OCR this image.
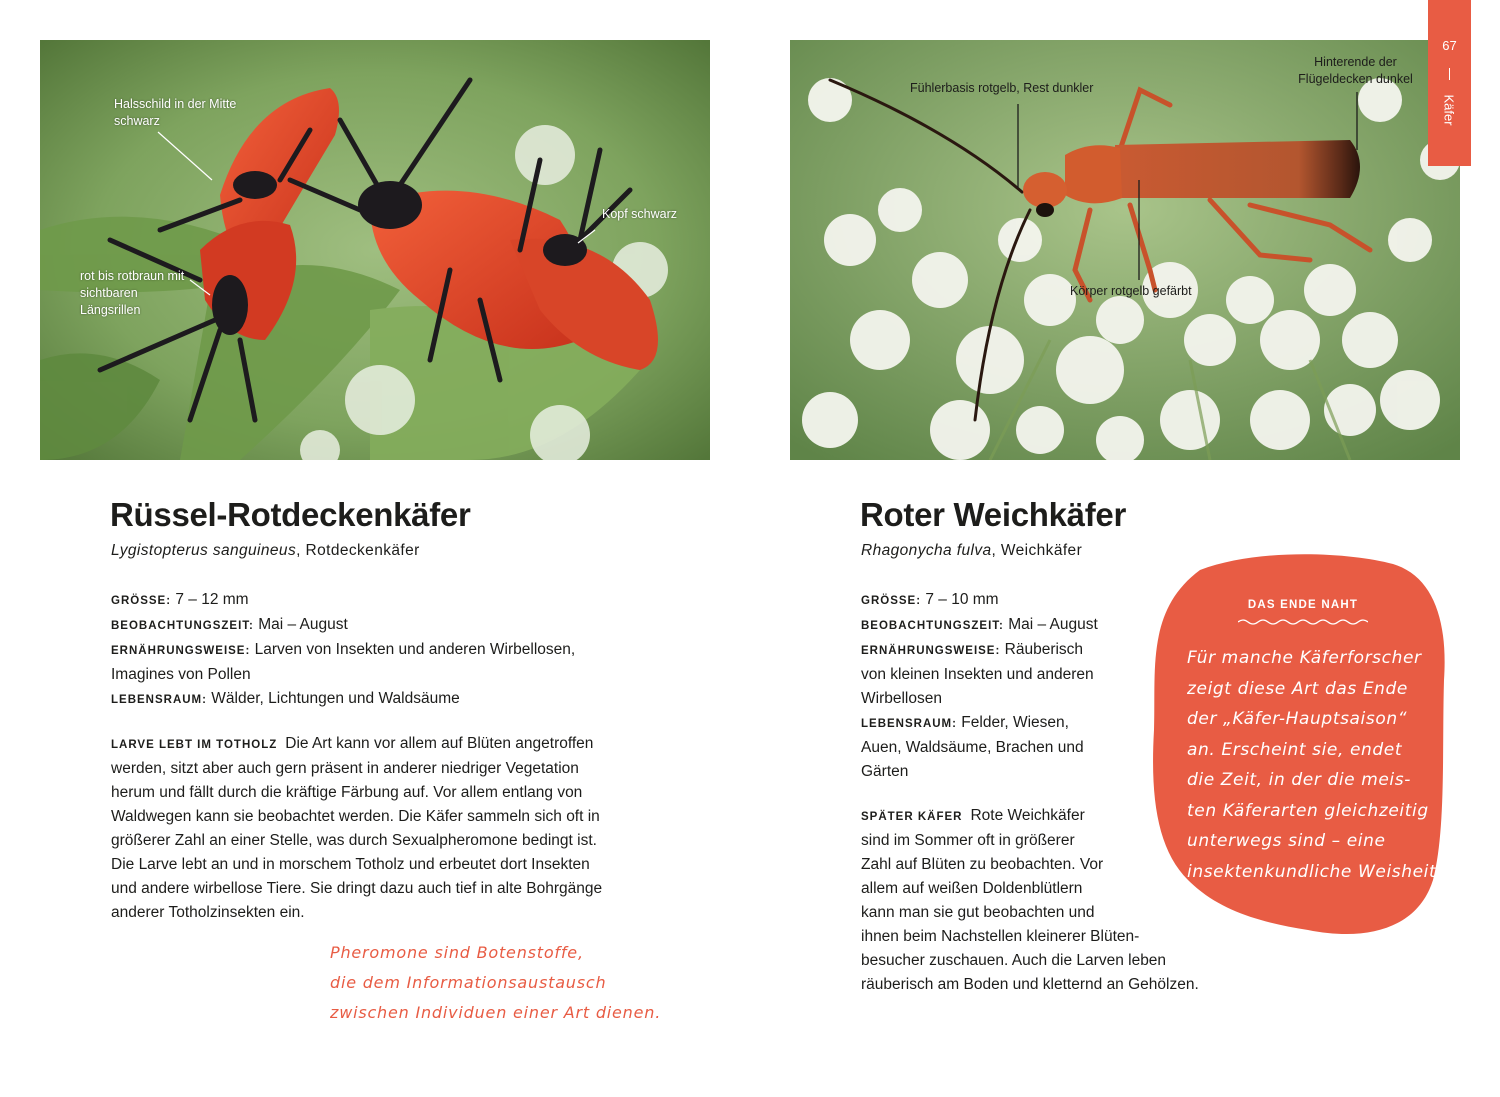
Halsschild in der Mitte schwarz
rot bis rotbraun mit sichtbaren Längsrillen
Kopf schwarz
Fühlerbasis rotgelb, Rest dunkler
Hinterende der Flügeldecken dunkel
Körper rotgelb gefärbt
67
Käfer
Rüssel-Rotdeckenkäfer
Lygistopterus sanguineus, Rotdeckenkäfer
GRÖSSE: 7 – 12 mm
BEOBACHTUNGSZEIT: Mai – August
ERNÄHRUNGSWEISE: Larven von Insekten und anderen Wirbellosen, Imagines von Pollen
LEBENSRAUM: Wälder, Lichtungen und Waldsäume
LARVE LEBT IM TOTHOLZ Die Art kann vor allem auf Blüten angetroffen
werden, sitzt aber auch gern präsent in anderer niedriger Vegetation
herum und fällt durch die kräftige Färbung auf. Vor allem entlang von
Waldwegen kann sie beobachtet werden. Die Käfer sammeln sich oft in
größerer Zahl an einer Stelle, was durch Sexualpheromone bedingt ist.
Die Larve lebt an und in morschem Totholz und erbeutet dort Insekten
und andere wirbellose Tiere. Sie dringt dazu auch tief in alte Bohrgänge
anderer Totholzinsekten ein.
Pheromone sind Botenstoffe,
die dem Informationsaustausch
zwischen Individuen einer Art dienen.
Roter Weichkäfer
Rhagonycha fulva, Weichkäfer
GRÖSSE: 7 – 10 mm
BEOBACHTUNGSZEIT: Mai – August
ERNÄHRUNGSWEISE: Räuberisch von kleinen Insekten und anderen Wirbellosen
LEBENSRAUM: Felder, Wiesen, Auen, Waldsäume, Brachen und Gärten
SPÄTER KÄFER Rote Weichkäfer
sind im Sommer oft in größerer
Zahl auf Blüten zu beobachten. Vor
allem auf weißen Doldenblütlern
kann man sie gut beobachten und
ihnen beim Nachstellen kleinerer Blüten-
besucher zuschauen. Auch die Larven leben
räuberisch am Boden und kletternd an Gehölzen.
DAS ENDE NAHT
Für manche Käferforscher
zeigt diese Art das Ende
der „Käfer-Hauptsaison“
an. Erscheint sie, endet
die Zeit, in der die meis-
ten Käferarten gleichzeitig
unterwegs sind – eine
insektenkundliche Weisheit!
